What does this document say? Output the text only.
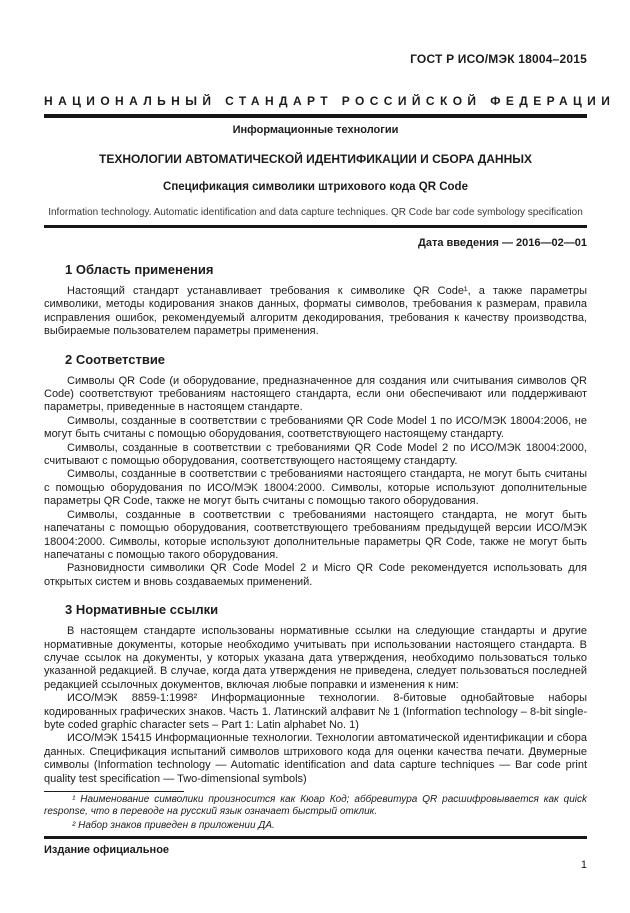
ГОСТ Р ИСО/МЭК 18004–2015
НАЦИОНАЛЬНЫЙ СТАНДАРТ РОССИЙСКОЙ ФЕДЕРАЦИИ
Информационные технологии
ТЕХНОЛОГИИ АВТОМАТИЧЕСКОЙ ИДЕНТИФИКАЦИИ И СБОРА ДАННЫХ
Спецификация символики штрихового кода QR Code
Information technology. Automatic identification and data capture techniques. QR Code bar code symbology specification
Дата введения — 2016—02—01
1 Область применения

Настоящий стандарт устанавливает требования к символике QR Code¹, а также параметры символики, методы кодирования знаков данных, форматы символов, требования к размерам, правила исправления ошибок, рекомендуемый алгоритм декодирования, требования к качеству производства, выбираемые пользователем параметры применения.

2 Соответствие

Символы QR Code (и оборудование, предназначенное для создания или считывания символов QR Code) соответствуют требованиям настоящего стандарта, если они обеспечивают или поддерживают параметры, приведенные в настоящем стандарте.

Символы, созданные в соответствии с требованиями QR Code Model 1 по ИСО/МЭК 18004:2006, не могут быть считаны с помощью оборудования, соответствующего настоящему стандарту.

Символы, созданные в соответствии с требованиями QR Code Model 2 по ИСО/МЭК 18004:2000, считывают с помощью оборудования, соответствующего настоящему стандарту.

Символы, созданные в соответствии с требованиями настоящего стандарта, не могут быть считаны с помощью оборудования по ИСО/МЭК 18004:2000. Символы, которые используют дополнительные параметры QR Code, также не могут быть считаны с помощью такого оборудования.

Символы, созданные в соответствии с требованиями настоящего стандарта, не могут быть напечатаны с помощью оборудования, соответствующего требованиям предыдущей версии ИСО/МЭК 18004:2000. Символы, которые используют дополнительные параметры QR Code, также не могут быть напечатаны с помощью такого оборудования.

Разновидности символики QR Code Model 2 и Micro QR Code рекомендуется использовать для открытых систем и вновь создаваемых применений.

3 Нормативные ссылки

В настоящем стандарте использованы нормативные ссылки на следующие стандарты и другие нормативные документы, которые необходимо учитывать при использовании настоящего стандарта. В случае ссылок на документы, у которых указана дата утверждения, необходимо пользоваться только указанной редакцией. В случае, когда дата утверждения не приведена, следует пользоваться последней редакцией ссылочных документов, включая любые поправки и изменения к ним:

ИСО/МЭК 8859-1:1998² Информационные технологии. 8-битовые однобайтовые наборы кодированных графических знаков. Часть 1. Латинский алфавит № 1 (Information technology – 8-bit single-byte coded graphic character sets – Part 1: Latin alphabet No. 1)

ИСО/МЭК 15415 Информационные технологии. Технологии автоматической идентификации и сбора данных. Спецификация испытаний символов штрихового кода для оценки качества печати. Двумерные символы (Information technology — Automatic identification and data capture techniques — Bar code print quality test specification — Two-dimensional symbols)

¹ Наименование символики произносится как Кюар Код; аббревитура QR расшифровывается как quick response, что в переводе на русский язык означает быстрый отклик.

² Набор знаков приведен в приложении ДА.

Издание официальное
1
